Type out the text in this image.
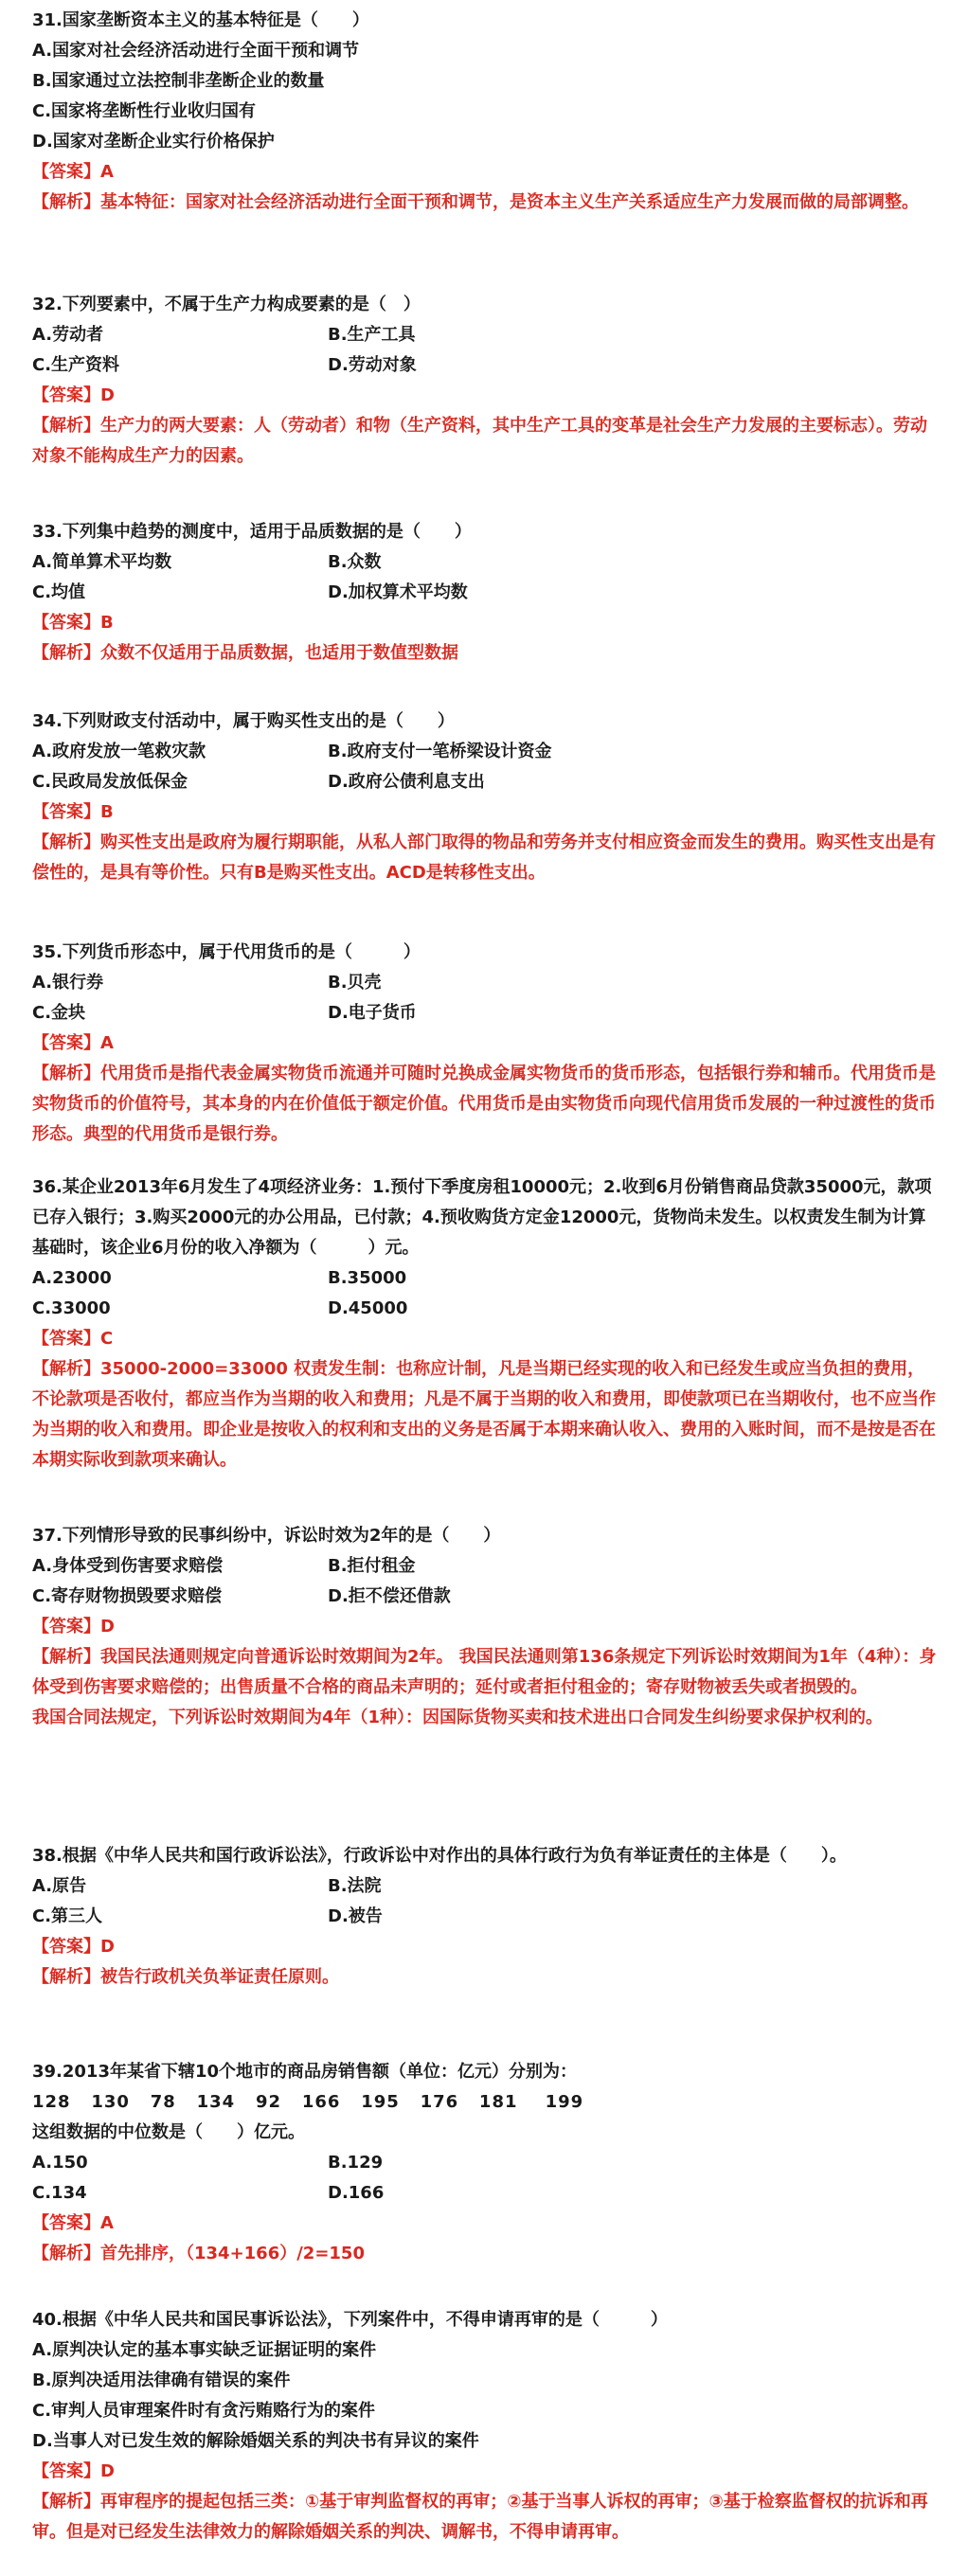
31.国家垄断资本主义的基本特征是（　　）
A.国家对社会经济活动进行全面干预和调节
B.国家通过立法控制非垄断企业的数量
C.国家将垄断性行业收归国有
D.国家对垄断企业实行价格保护
【答案】A
【解析】基本特征：国家对社会经济活动进行全面干预和调节，是资本主义生产关系适应生产力发展而做的局部调整。
32.下列要素中，不属于生产力构成要素的是（　）
A.劳动者	B.生产工具
C.生产资料	D.劳动对象
【答案】D
【解析】生产力的两大要素：人（劳动者）和物（生产资料，其中生产工具的变革是社会生产力发展的主要标志）。劳动对象不能构成生产力的因素。
33.下列集中趋势的测度中，适用于品质数据的是（　　）
A.简单算术平均数	B.众数
C.均值	D.加权算术平均数
【答案】B
【解析】众数不仅适用于品质数据，也适用于数值型数据
34.下列财政支付活动中，属于购买性支出的是（　　）
A.政府发放一笔救灾款	B.政府支付一笔桥梁设计资金
C.民政局发放低保金	D.政府公债利息支出
【答案】B
【解析】购买性支出是政府为履行期职能，从私人部门取得的物品和劳务并支付相应资金而发生的费用。购买性支出是有偿性的，是具有等价性。只有B是购买性支出。ACD是转移性支出。
35.下列货币形态中，属于代用货币的是（　　　）
A.银行券	B.贝壳
C.金块	D.电子货币
【答案】A
【解析】代用货币是指代表金属实物货币流通并可随时兑换成金属实物货币的货币形态，包括银行券和辅币。代用货币是实物货币的价值符号，其本身的内在价值低于额定价值。代用货币是由实物货币向现代信用货币发展的一种过渡性的货币形态。典型的代用货币是银行券。
36.某企业2013年6月发生了4项经济业务：1.预付下季度房租10000元；2.收到6月份销售商品贷款35000元，款项已存入银行；3.购买2000元的办公用品，已付款；4.预收购货方定金12000元，货物尚未发生。以权责发生制为计算基础时，该企业6月份的收入净额为（　　　）元。
A.23000	B.35000
C.33000	D.45000
【答案】C
【解析】35000-2000=33000 权责发生制：也称应计制，凡是当期已经实现的收入和已经发生或应当负担的费用，不论款项是否收付，都应当作为当期的收入和费用；凡是不属于当期的收入和费用，即使款项已在当期收付，也不应当作为当期的收入和费用。即企业是按收入的权利和支出的义务是否属于本期来确认收入、费用的入账时间，而不是按是否在本期实际收到款项来确认。
37.下列情形导致的民事纠纷中，诉讼时效为2年的是（　　）
A.身体受到伤害要求赔偿	B.拒付租金
C.寄存财物损毁要求赔偿	D.拒不偿还借款
【答案】D
【解析】我国民法通则规定向普通诉讼时效期间为2年。 我国民法通则第136条规定下列诉讼时效期间为1年（4种）：身体受到伤害要求赔偿的；出售质量不合格的商品未声明的；延付或者拒付租金的；寄存财物被丢失或者损毁的。
我国合同法规定，下列诉讼时效期间为4年（1种）：因国际货物买卖和技术进出口合同发生纠纷要求保护权利的。
38.根据《中华人民共和国行政诉讼法》，行政诉讼中对作出的具体行政行为负有举证责任的主体是（　　）。
A.原告	B.法院
C.第三人	D.被告
【答案】D
【解析】被告行政机关负举证责任原则。
39.2013年某省下辖10个地市的商品房销售额（单位：亿元）分别为：
128   130   78   134   92   166   195   176   181    199
这组数据的中位数是（　　）亿元。
A.150	B.129
C.134	D.166
【答案】A
【解析】首先排序，（134+166）/2=150
40.根据《中华人民共和国民事诉讼法》，下列案件中，不得申请再审的是（　　　）
A.原判决认定的基本事实缺乏证据证明的案件
B.原判决适用法律确有错误的案件
C.审判人员审理案件时有贪污贿赂行为的案件
D.当事人对已发生效的解除婚姻关系的判决书有异议的案件
【答案】D
【解析】再审程序的提起包括三类：①基于审判监督权的再审；②基于当事人诉权的再审；③基于检察监督权的抗诉和再审。但是对已经发生法律效力的解除婚姻关系的判决、调解书，不得申请再审。
